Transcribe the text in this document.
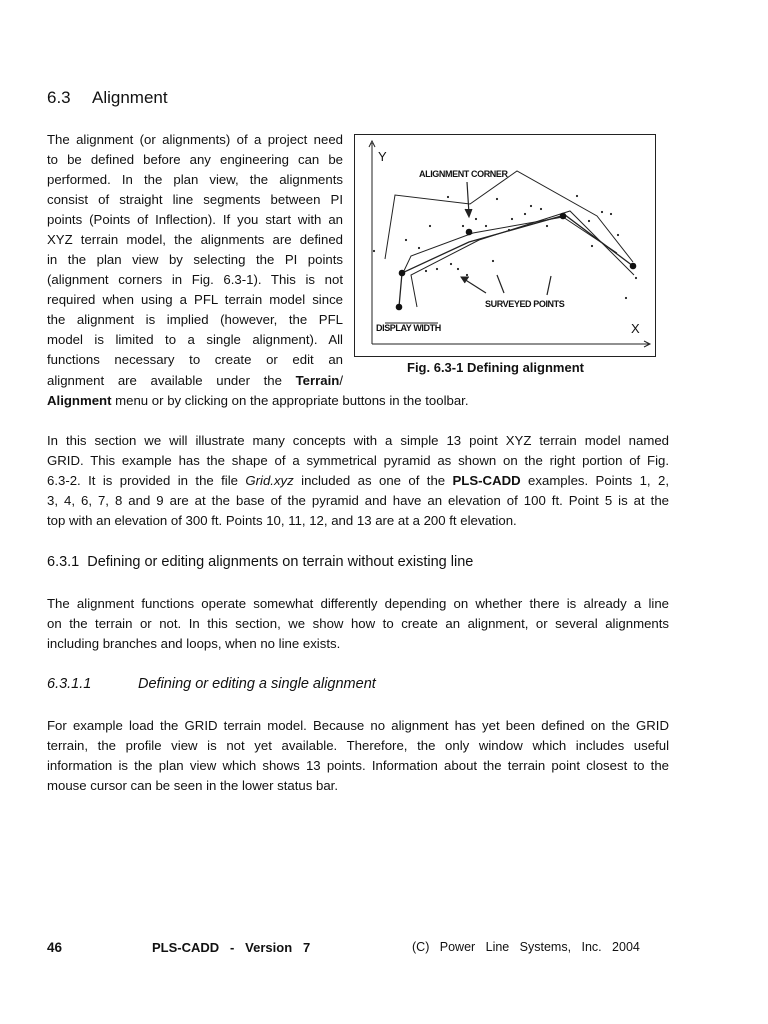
6.3 Alignment
The alignment (or alignments) of a project need
to be defined before any engineering can be
performed. In the plan view, the alignments
consist of straight line segments between PI
points (Points of Inflection). If you start with an
XYZ terrain model, the alignments are defined
in the plan view by selecting the PI points
(alignment corners in Fig. 6.3-1). This is not
required when using a PFL terrain model since
the alignment is implied (however, the PFL
model is limited to a single alignment). All
functions necessary to create or edit an
alignment are available under the Terrain/
Alignment menu or by clicking on the appropriate buttons in the toolbar.
Y
X
ALIGNMENT CORNER
SURVEYED POINTS
DISPLAY WIDTH
Fig. 6.3-1 Defining alignment
In this section we will illustrate many concepts with a simple 13 point XYZ terrain model named
GRID. This example has the shape of a symmetrical pyramid as shown on the right portion of Fig.
6.3-2. It is provided in the file Grid.xyz included as one of the PLS-CADD examples. Points 1, 2,
3, 4, 6, 7, 8 and 9 are at the base of the pyramid and have an elevation of 100 ft. Point 5 is at the
top with an elevation of 300 ft. Points 10, 11, 12, and 13 are at a 200 ft elevation.
6.3.1 Defining or editing alignments on terrain without existing line
The alignment functions operate somewhat differently depending on whether there is already a line
on the terrain or not. In this section, we show how to create an alignment, or several alignments
including branches and loops, when no line exists.
6.3.1.1	Defining or editing a single alignment
For example load the GRID terrain model. Because no alignment has yet been defined on the GRID
terrain, the profile view is not yet available. Therefore, the only window which includes useful
information is the plan view which shows 13 points. Information about the terrain point closest to the
mouse cursor can be seen in the lower status bar.
46	PLS-CADD   -   Version   7	(C)   Power   Line   Systems,   Inc.   2004
